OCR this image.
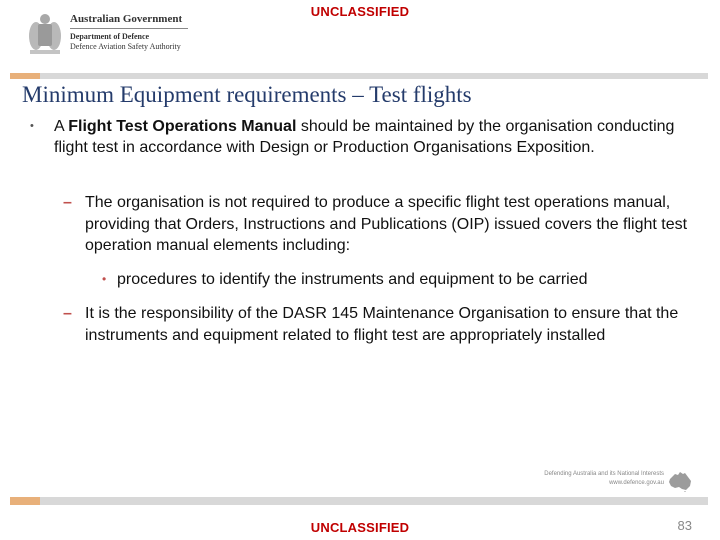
UNCLASSIFIED
Australian Government
Department of Defence
Defence Aviation Safety Authority
Minimum Equipment requirements – Test flights
• A Flight Test Operations Manual should be maintained by the organisation conducting flight test in accordance with Design or Production Organisations Exposition.
– The organisation is not required to produce a specific flight test operations manual, providing that Orders, Instructions and Publications (OIP) issued covers the flight test operation manual elements including:
• procedures to identify the instruments and equipment to be carried
– It is the responsibility of the DASR 145 Maintenance Organisation to ensure that the instruments and equipment related to flight test are appropriately installed
Defending Australia and its National Interests
www.defence.gov.au
UNCLASSIFIED	83
